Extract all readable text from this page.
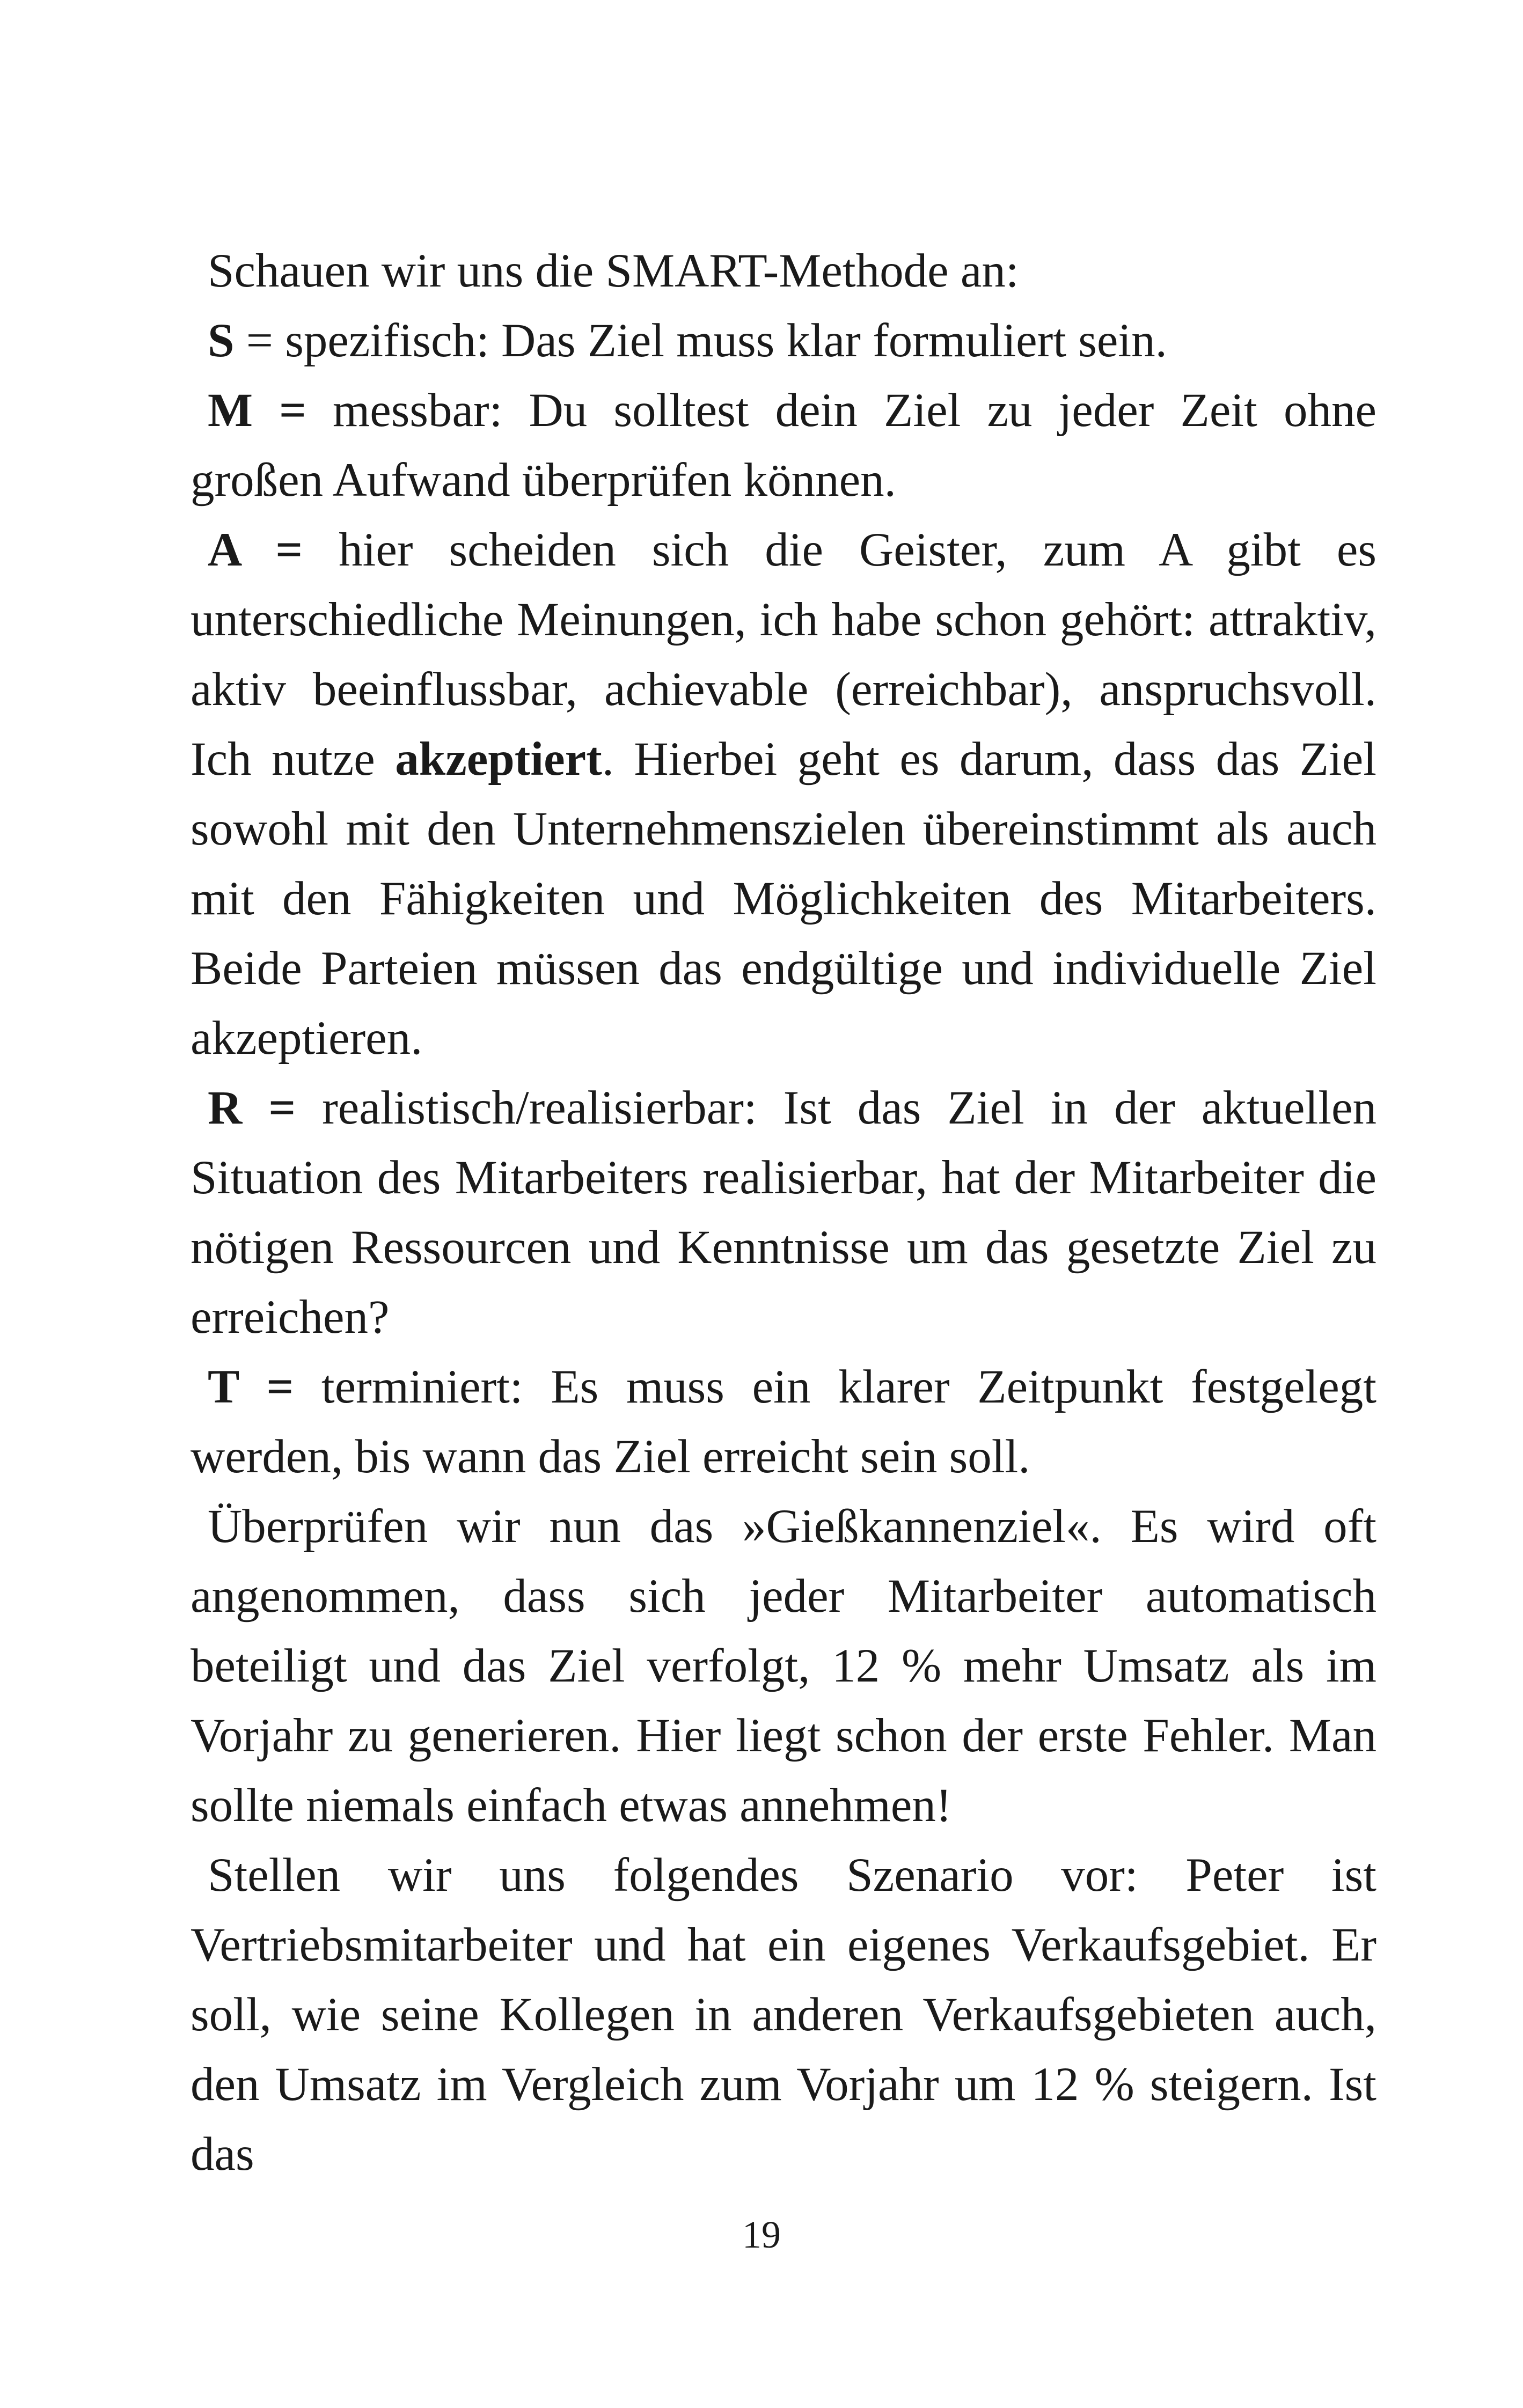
Schauen wir uns die SMART-Methode an:

S = spezifisch: Das Ziel muss klar formuliert sein.

M = messbar: Du solltest dein Ziel zu jeder Zeit ohne großen Aufwand überprüfen können.

A = hier scheiden sich die Geister, zum A gibt es unterschiedliche Meinungen, ich habe schon gehört: attraktiv, aktiv beeinflussbar, achievable (erreichbar), anspruchsvoll. Ich nutze akzeptiert. Hierbei geht es darum, dass das Ziel sowohl mit den Unternehmenszielen übereinstimmt als auch mit den Fähigkeiten und Möglichkeiten des Mitarbeiters. Beide Parteien müssen das endgültige und individuelle Ziel akzeptieren.

R = realistisch/realisierbar: Ist das Ziel in der aktuellen Situation des Mitarbeiters realisierbar, hat der Mitarbeiter die nötigen Ressourcen und Kenntnisse um das gesetzte Ziel zu erreichen?

T = terminiert: Es muss ein klarer Zeitpunkt festgelegt werden, bis wann das Ziel erreicht sein soll.

Überprüfen wir nun das »Gießkannenziel«. Es wird oft angenommen, dass sich jeder Mitarbeiter automatisch beteiligt und das Ziel verfolgt, 12 % mehr Umsatz als im Vorjahr zu generieren. Hier liegt schon der erste Fehler. Man sollte niemals einfach etwas annehmen!

Stellen wir uns folgendes Szenario vor: Peter ist Vertriebsmitarbeiter und hat ein eigenes Verkaufsgebiet. Er soll, wie seine Kollegen in anderen Verkaufsgebieten auch, den Umsatz im Vergleich zum Vorjahr um 12 % steigern. Ist das

19
